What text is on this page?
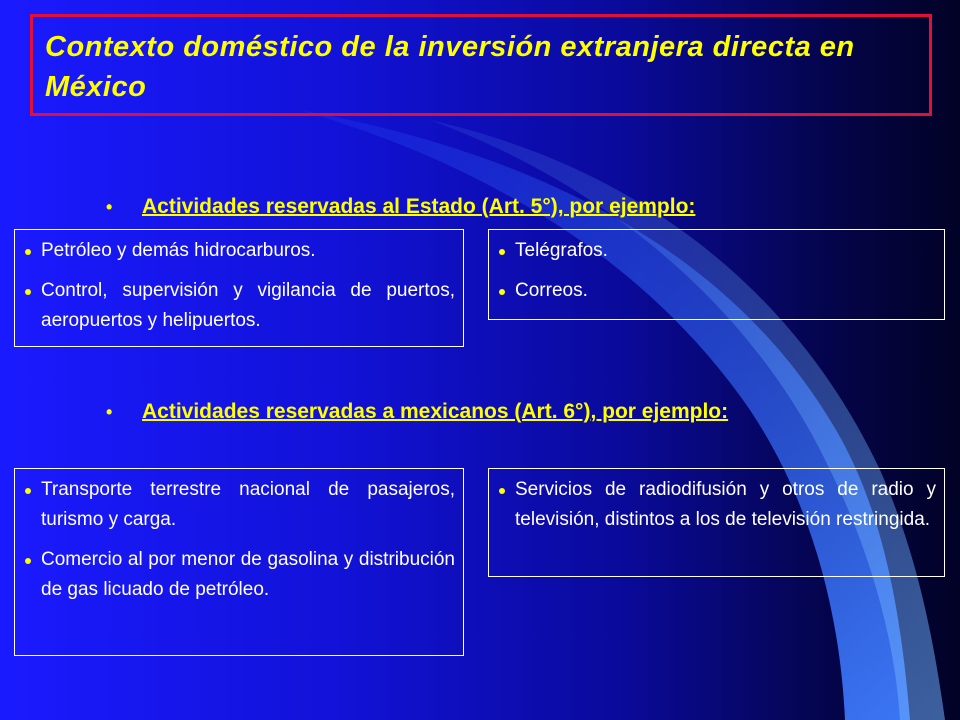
Contexto doméstico de la inversión extranjera directa en México
• Actividades reservadas al Estado (Art. 5°), por ejemplo:
Petróleo y demás hidrocarburos.
Control, supervisión y vigilancia de puertos, aeropuertos y helipuertos.
Telégrafos.
Correos.
• Actividades reservadas a mexicanos (Art. 6°), por ejemplo:
Transporte terrestre nacional de pasajeros, turismo y carga.
Comercio al por menor de gasolina y distribución de gas licuado de petróleo.
Servicios de radiodifusión y otros de radio y televisión, distintos a los de televisión restringida.
